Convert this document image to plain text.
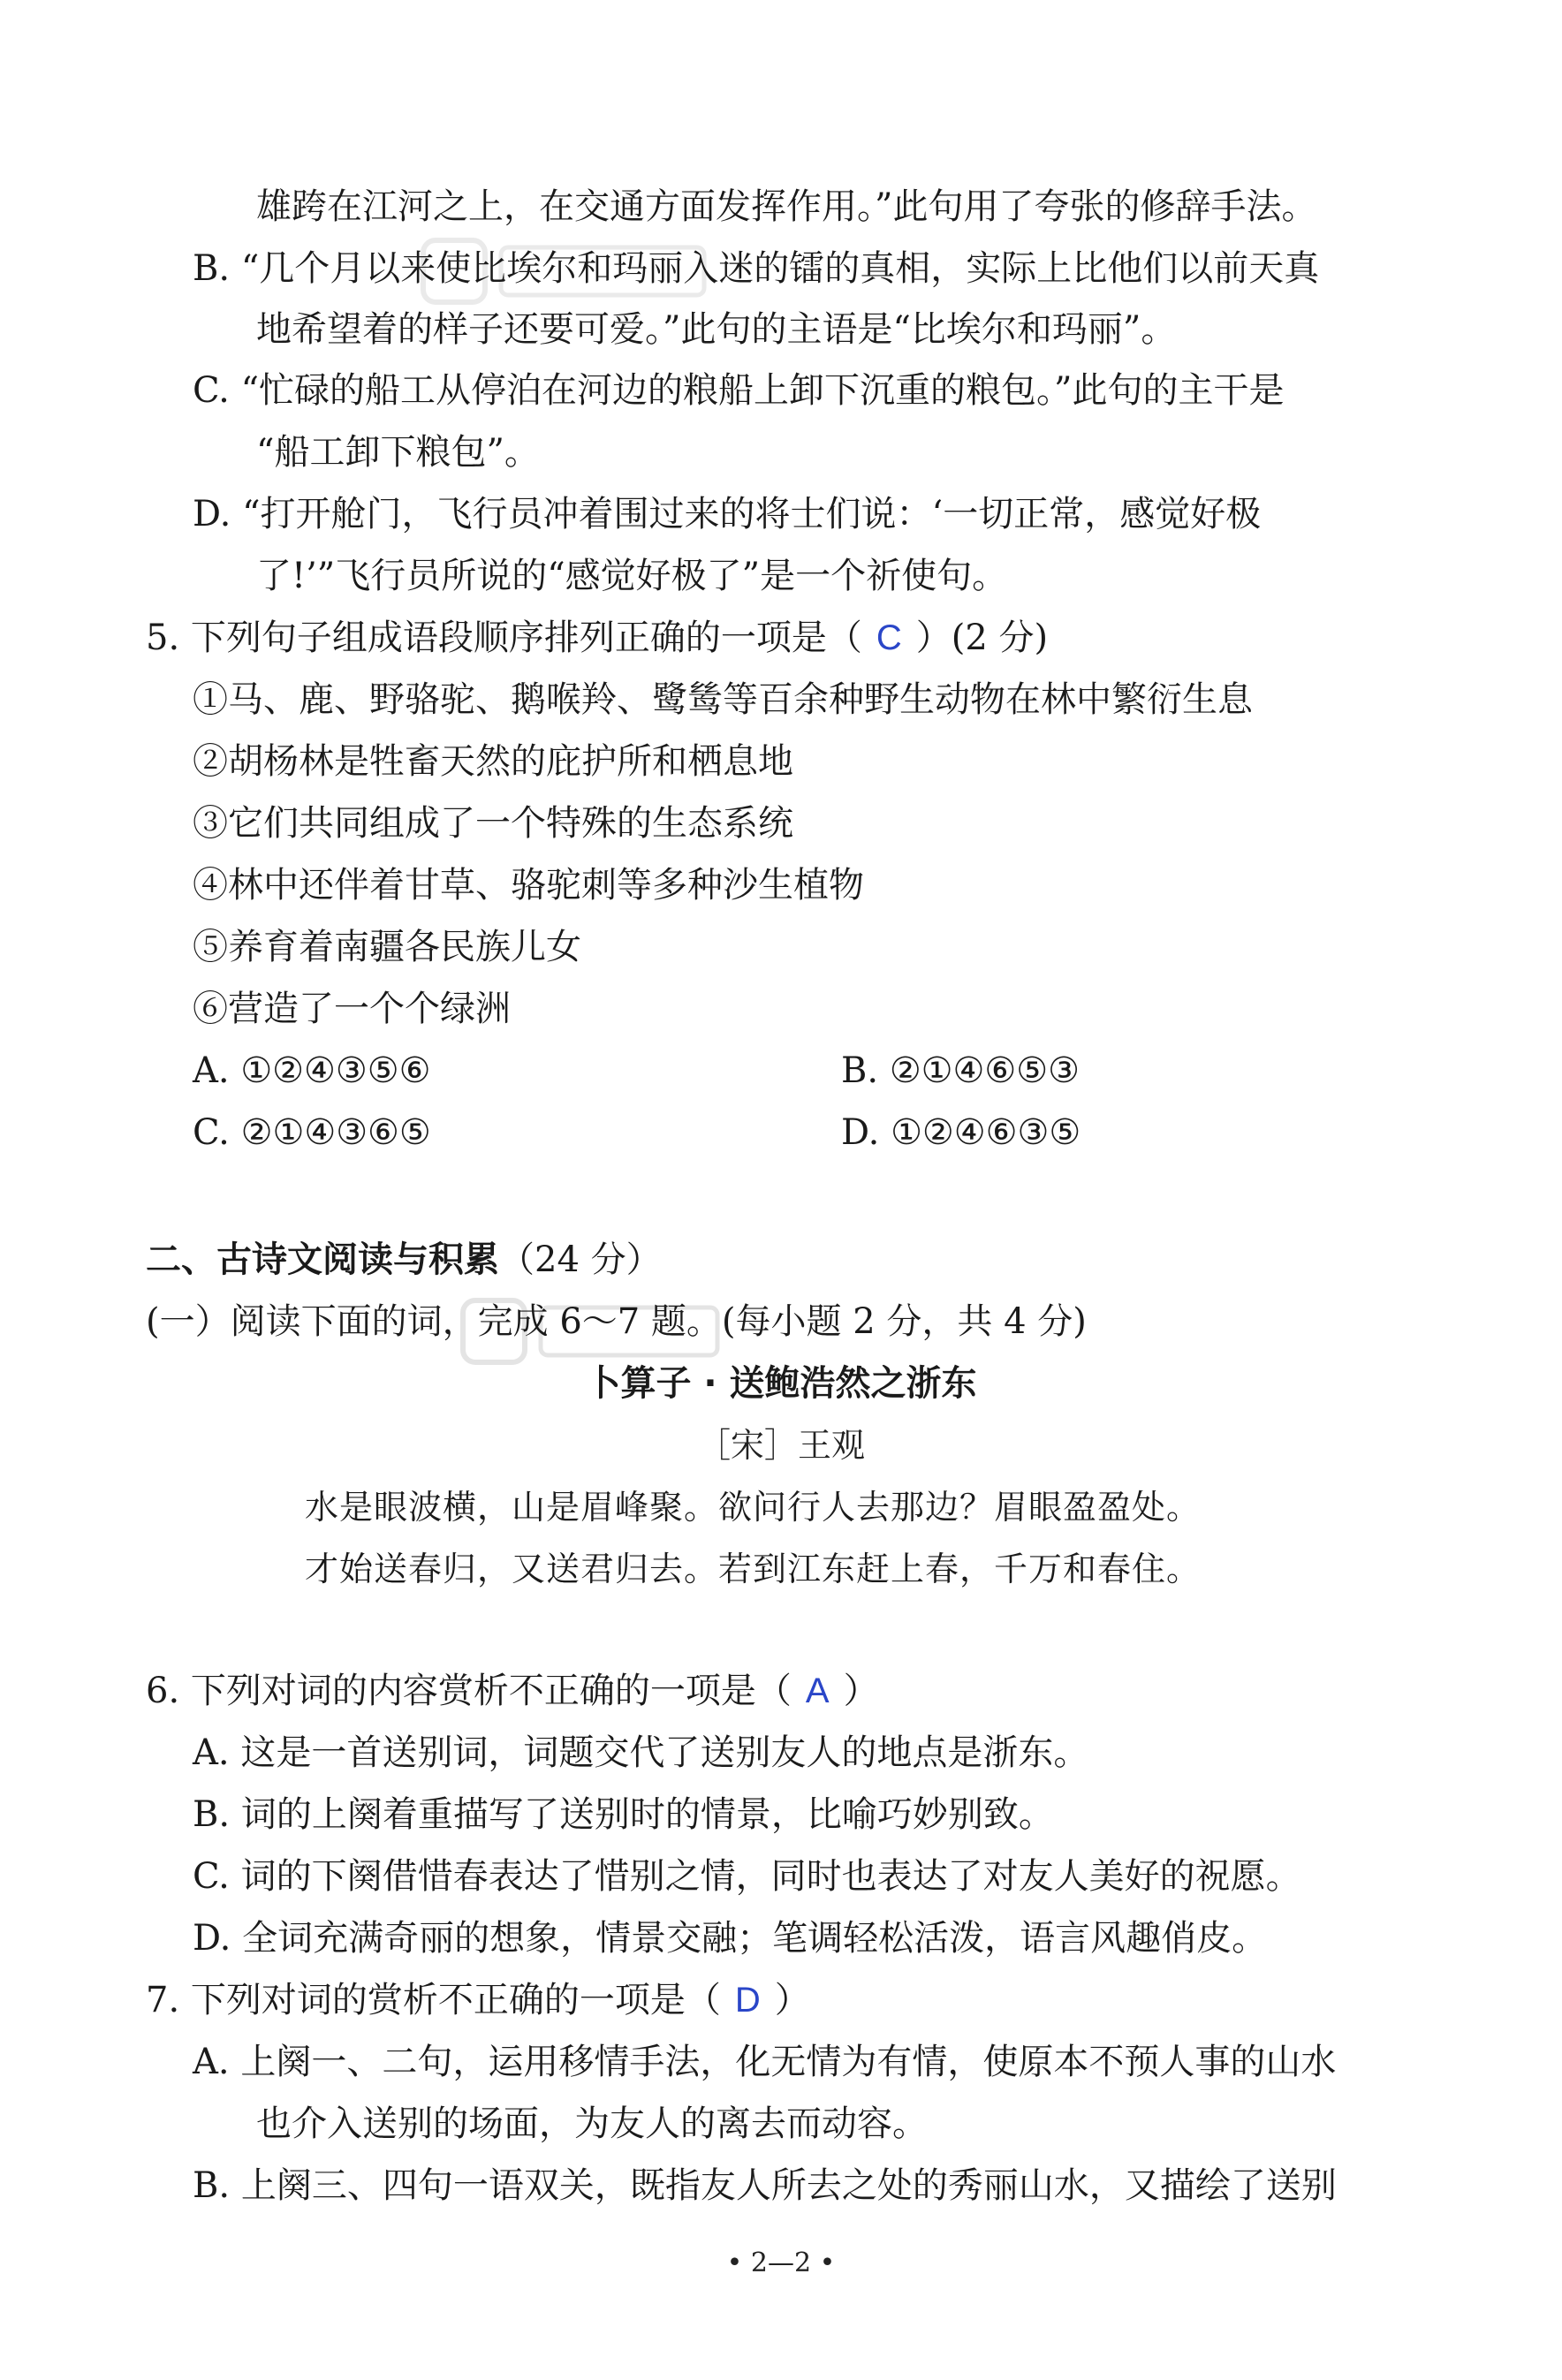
雄跨在江河之上，在交通方面发挥作用。”此句用了夸张的修辞手法。
B. “几个月以来使比埃尔和玛丽入迷的镭的真相，实际上比他们以前天真
地希望着的样子还要可爱。”此句的主语是“比埃尔和玛丽”。
C. “忙碌的船工从停泊在河边的粮船上卸下沉重的粮包。”此句的主干是
“船工卸下粮包”。
D. “打开舱门，飞行员冲着围过来的将士们说：‘一切正常，感觉好极
了!’”飞行员所说的“感觉好极了”是一个祈使句。
5. 下列句子组成语段顺序排列正确的一项是（ C ）(2 分)
①马、鹿、野骆驼、鹅喉羚、鹭鸶等百余种野生动物在林中繁衍生息
②胡杨林是牲畜天然的庇护所和栖息地
③它们共同组成了一个特殊的生态系统
④林中还伴着甘草、骆驼刺等多种沙生植物
⑤养育着南疆各民族儿女
⑥营造了一个个绿洲
A. ①②④③⑤⑥	B. ②①④⑥⑤③
C. ②①④③⑥⑤	D. ①②④⑥③⑤
二、古诗文阅读与积累（24 分）
(一）阅读下面的词，完成 6～7 题。(每小题 2 分，共 4 分)
卜算子 · 送鲍浩然之浙东
［宋］王观
水是眼波横，山是眉峰聚。欲问行人去那边？眉眼盈盈处。
才始送春归，又送君归去。若到江东赶上春，千万和春住。
6. 下列对词的内容赏析不正确的一项是（ A ）
A. 这是一首送别词，词题交代了送别友人的地点是浙东。
B. 词的上阕着重描写了送别时的情景，比喻巧妙别致。
C. 词的下阕借惜春表达了惜别之情，同时也表达了对友人美好的祝愿。
D. 全词充满奇丽的想象，情景交融；笔调轻松活泼，语言风趣俏皮。
7. 下列对词的赏析不正确的一项是（ D ）
A. 上阕一、二句，运用移情手法，化无情为有情，使原本不预人事的山水
也介入送别的场面，为友人的离去而动容。
B. 上阕三、四句一语双关，既指友人所去之处的秀丽山水，又描绘了送别
• 2—2 •
